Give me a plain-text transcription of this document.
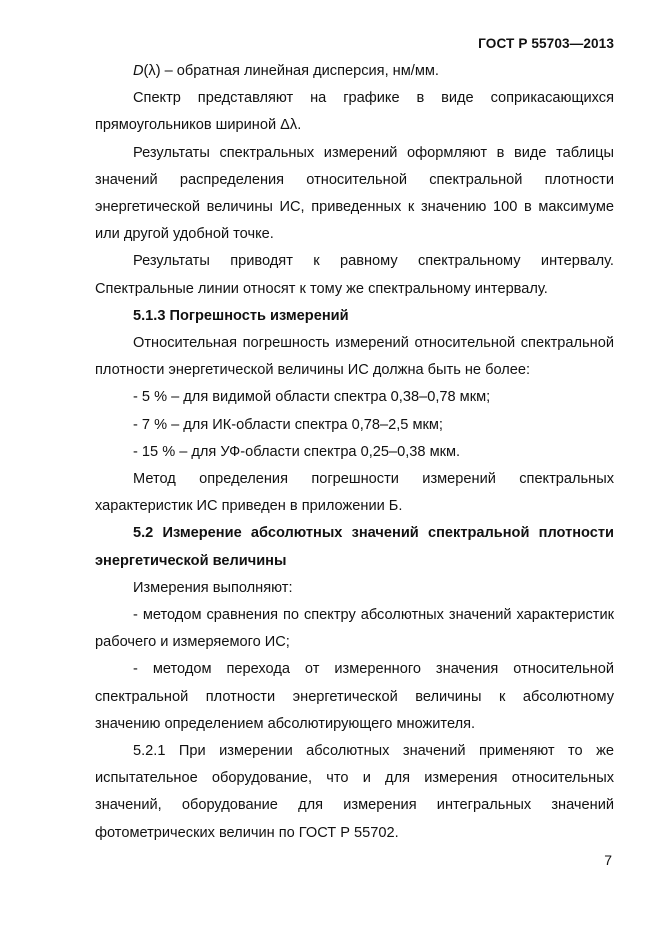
ГОСТ Р 55703—2013

D(λ) – обратная линейная дисперсия, нм/мм.

Спектр представляют на графике в виде соприкасающихся прямоугольников шириной Δλ.

Результаты спектральных измерений оформляют в виде таблицы значений распределения относительной спектральной плотности энергетической величины ИС, приведенных к значению 100 в максимуме или другой удобной точке.

Результаты приводят к равному спектральному интервалу. Спектральные линии относят к тому же спектральному интервалу.

5.1.3 Погрешность измерений

Относительная погрешность измерений относительной спектральной плотности энергетической величины ИС должна быть не более:

- 5 % – для видимой области спектра 0,38–0,78 мкм;

- 7 % – для ИК-области спектра 0,78–2,5 мкм;

- 15 % – для УФ-области спектра 0,25–0,38 мкм.

Метод определения погрешности измерений спектральных характеристик ИС приведен в приложении Б.

5.2 Измерение абсолютных значений спектральной плотности энергетической величины

Измерения выполняют:

- методом сравнения по спектру абсолютных значений характеристик рабочего и измеряемого ИС;

- методом перехода от измеренного значения относительной спектральной плотности энергетической величины к абсолютному значению определением абсолютирующего множителя.

5.2.1 При измерении абсолютных значений применяют то же испытательное оборудование, что и для измерения относительных значений, оборудование для измерения интегральных значений фотометрических величин по ГОСТ Р 55702.

7
